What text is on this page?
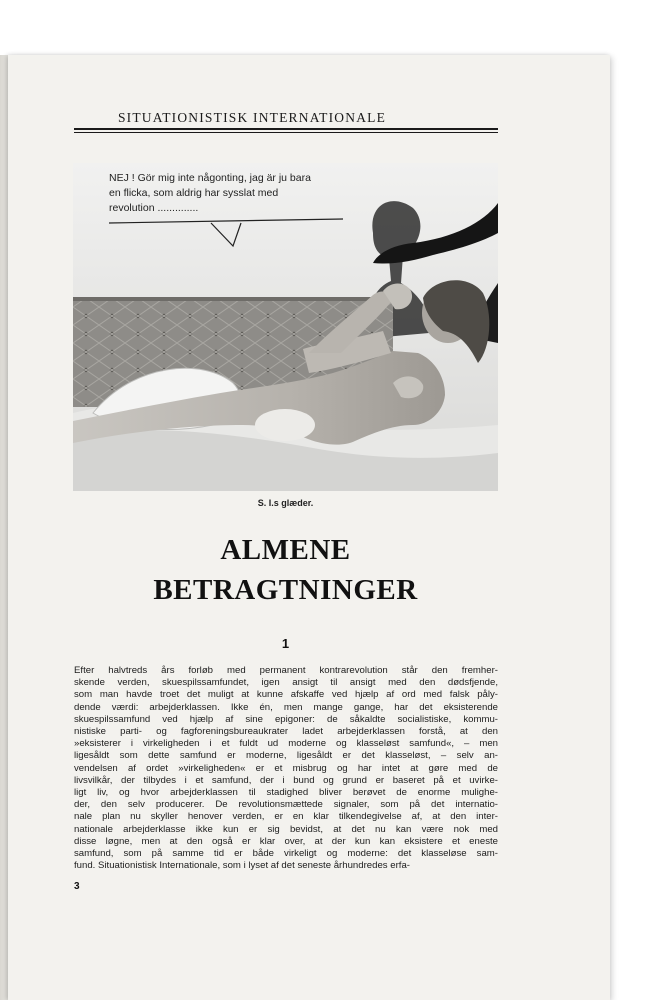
SITUATIONISTISK INTERNATIONALE
NEJ ! Gör mig inte någonting, jag är ju bara
en flicka, som aldrig har sysslat med
revolution ..............
S. I.s glæder.
ALMENE
BETRAGTNINGER
1
Efter halvtreds års forløb med permanent kontrarevolution står den fremher-
skende verden, skuespilssamfundet, igen ansigt til ansigt med den dødsfjende,
som man havde troet det muligt at kunne afskaffe ved hjælp af ord med falsk påly-
dende værdi: arbejderklassen. Ikke én, men mange gange, har det eksisterende
skuespilssamfund ved hjælp af sine epigoner: de såkaldte socialistiske, kommu-
nistiske parti- og fagforeningsbureaukrater ladet arbejderklassen forstå, at den
»eksisterer i virkeligheden i et fuldt ud moderne og klasseløst samfund«, – men
ligesåldt som dette samfund er moderne, ligesåldt er det klasseløst, – selv an-
vendelsen af ordet »virkeligheden« er et misbrug og har intet at gøre med de
livsvilkår, der tilbydes i et samfund, der i bund og grund er baseret på et uvirke-
ligt liv, og hvor arbejderklassen til stadighed bliver berøvet de enorme mulighe-
der, den selv producerer. De revolutionsmættede signaler, som på det internatio-
nale plan nu skyller henover verden, er en klar tilkendegivelse af, at den inter-
nationale arbejderklasse ikke kun er sig bevidst, at det nu kan være nok med
disse løgne, men at den også er klar over, at der kun kan eksistere et eneste
samfund, som på samme tid er både virkeligt og moderne: det klasseløse sam-
fund. Situationistisk Internationale, som i lyset af det seneste århundredes erfa-
3
